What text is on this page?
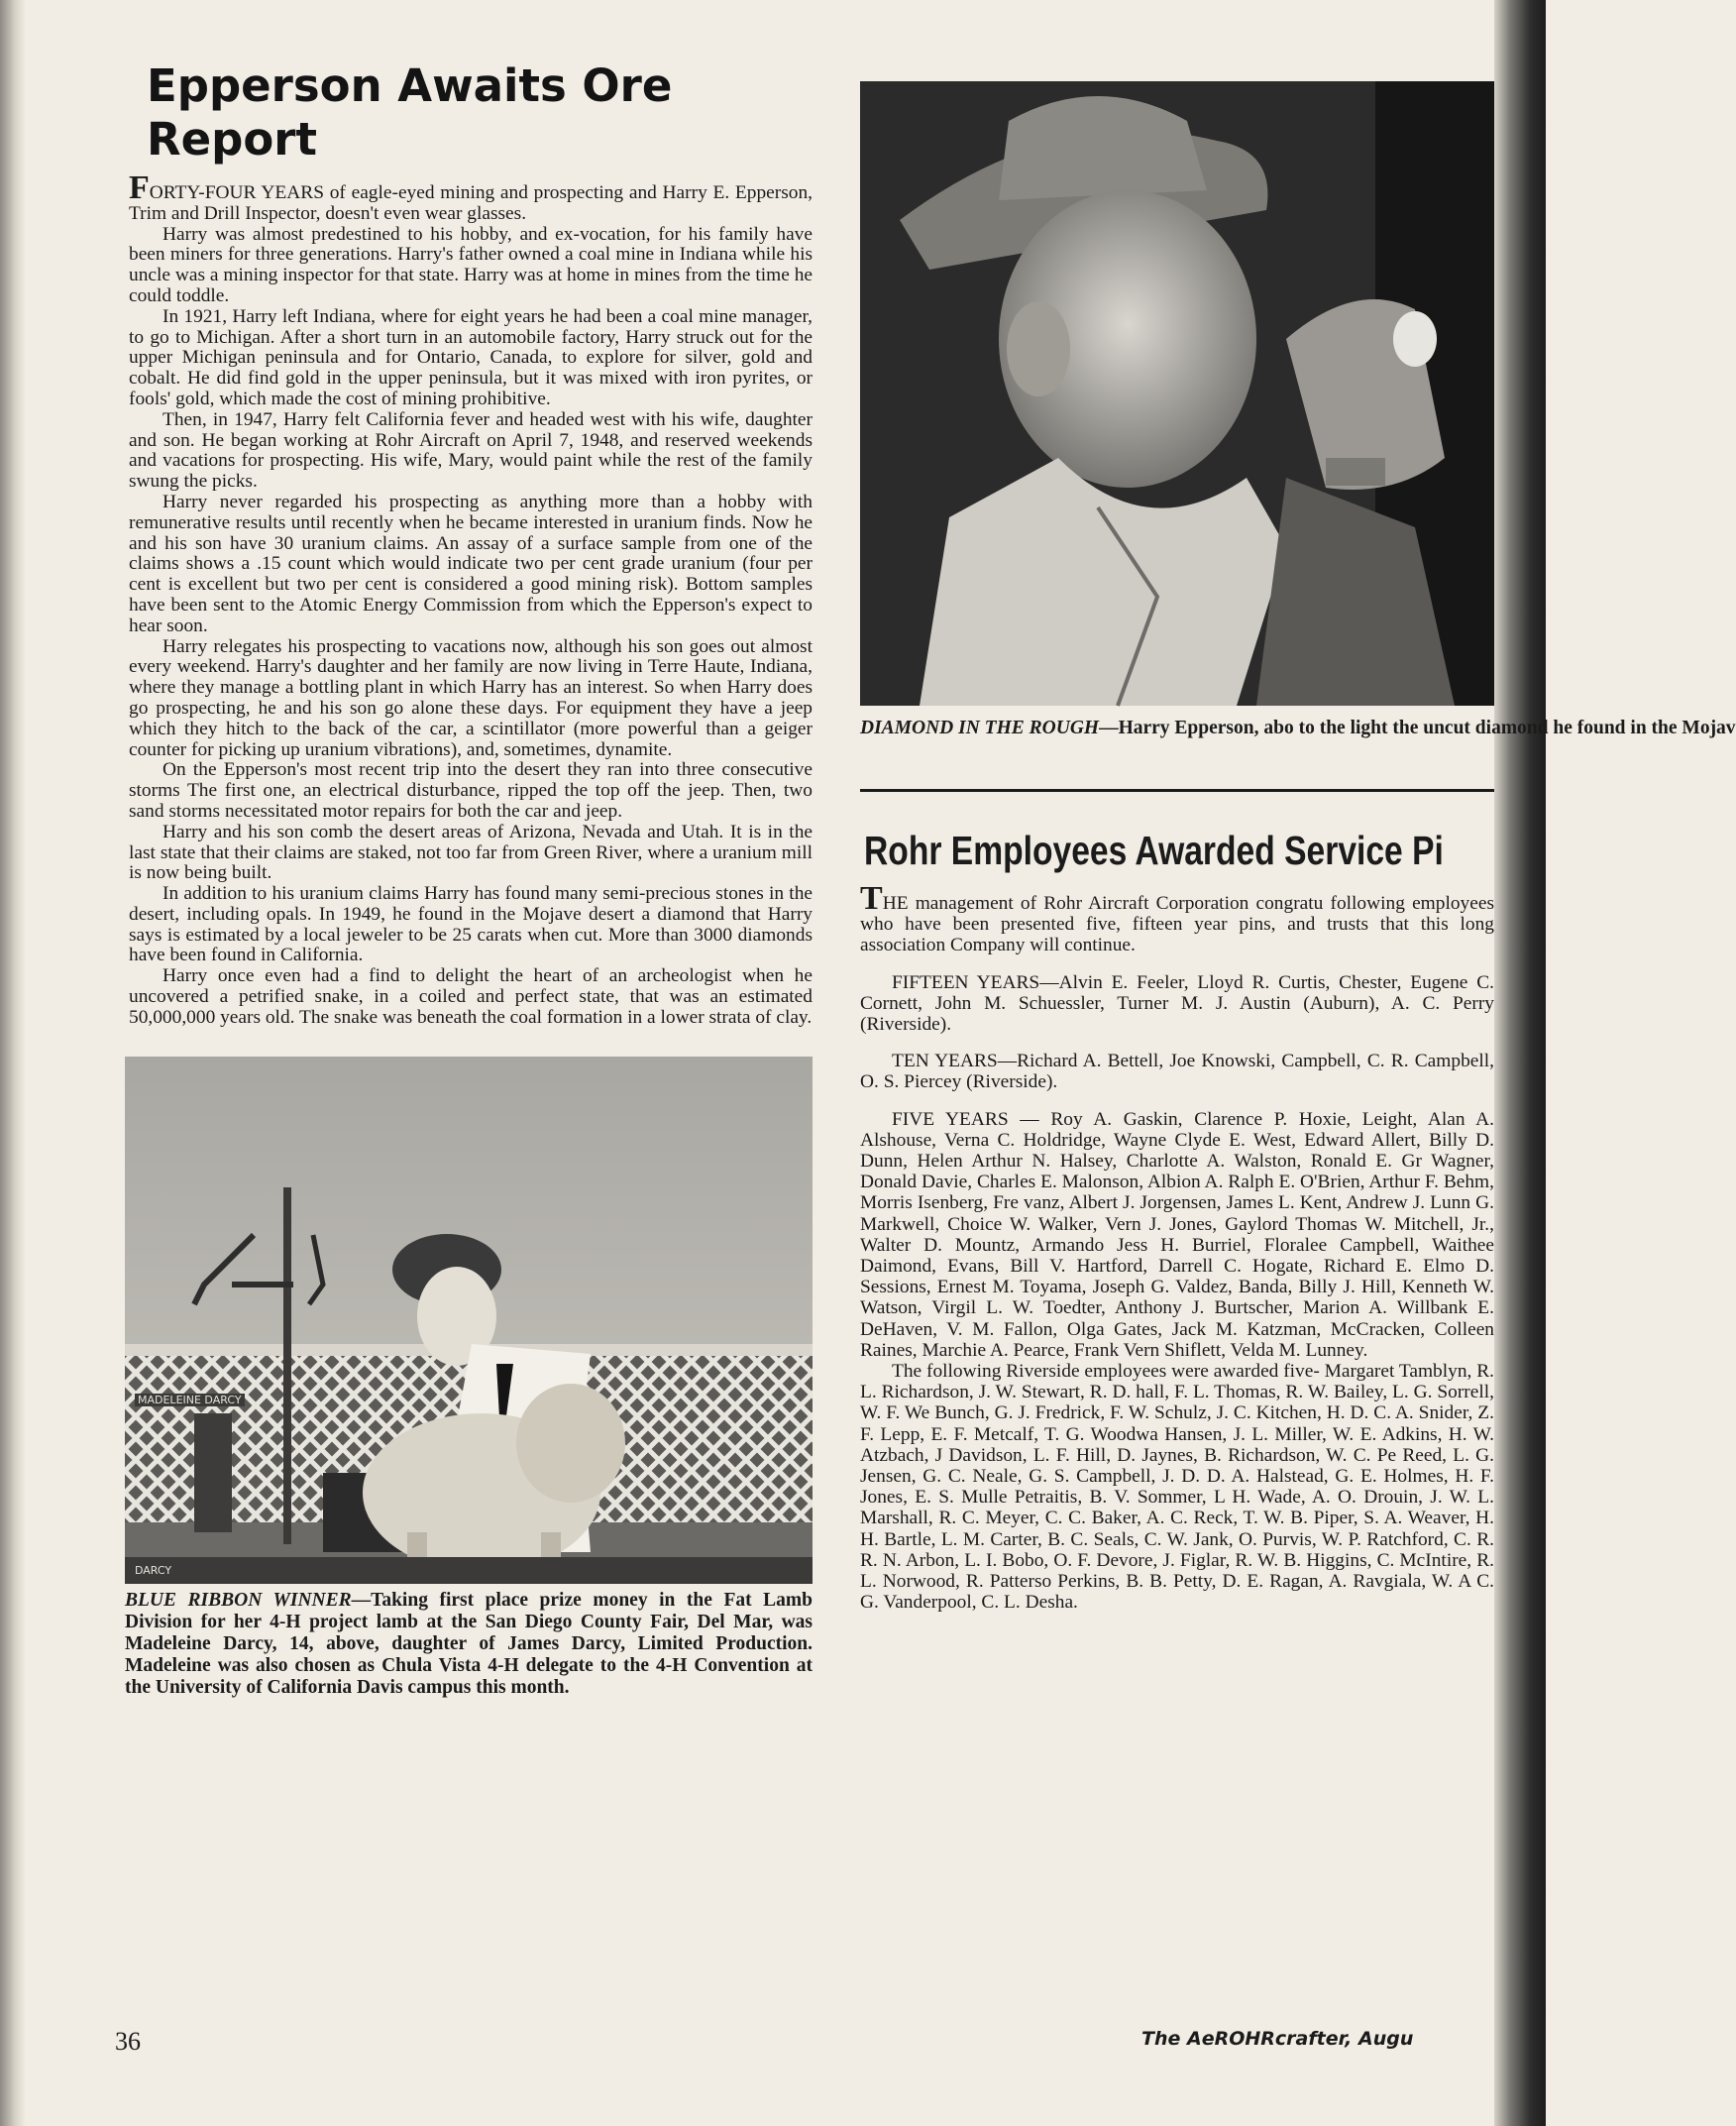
Epperson Awaits Ore Report

FORTY-FOUR YEARS of eagle-eyed mining and prospecting and Harry E. Epperson, Trim and Drill Inspector, doesn't even wear glasses.

Harry was almost predestined to his hobby, and ex-vocation, for his family have been miners for three generations. Harry's father owned a coal mine in Indiana while his uncle was a mining inspector for that state. Harry was at home in mines from the time he could toddle.

In 1921, Harry left Indiana, where for eight years he had been a coal mine manager, to go to Michigan. After a short turn in an automobile factory, Harry struck out for the upper Michigan peninsula and for Ontario, Canada, to explore for silver, gold and cobalt. He did find gold in the upper peninsula, but it was mixed with iron pyrites, or fools' gold, which made the cost of mining prohibitive.

Then, in 1947, Harry felt California fever and headed west with his wife, daughter and son. He began working at Rohr Aircraft on April 7, 1948, and reserved weekends and vacations for prospecting. His wife, Mary, would paint while the rest of the family swung the picks.

Harry never regarded his prospecting as anything more than a hobby with remunerative results until recently when he became interested in uranium finds. Now he and his son have 30 uranium claims. An assay of a surface sample from one of the claims shows a .15 count which would indicate two per cent grade uranium (four per cent is excellent but two per cent is considered a good mining risk). Bottom samples have been sent to the Atomic Energy Commission from which the Epperson's expect to hear soon.

Harry relegates his prospecting to vacations now, although his son goes out almost every weekend. Harry's daughter and her family are now living in Terre Haute, Indiana, where they manage a bottling plant in which Harry has an interest. So when Harry does go prospecting, he and his son go alone these days. For equipment they have a jeep which they hitch to the back of the car, a scintillator (more powerful than a geiger counter for picking up uranium vibrations), and, sometimes, dynamite.

On the Epperson's most recent trip into the desert they ran into three consecutive storms The first one, an electrical disturbance, ripped the top off the jeep. Then, two sand storms necessitated motor repairs for both the car and jeep.

Harry and his son comb the desert areas of Arizona, Nevada and Utah. It is in the last state that their claims are staked, not too far from Green River, where a uranium mill is now being built.

In addition to his uranium claims Harry has found many semi-precious stones in the desert, including opals. In 1949, he found in the Mojave desert a diamond that Harry says is estimated by a local jeweler to be 25 carats when cut. More than 3000 diamonds have been found in California.

Harry once even had a find to delight the heart of an archeologist when he uncovered a petrified snake, in a coiled and perfect state, that was an estimated 50,000,000 years old. The snake was beneath the coal formation in a lower strata of clay.

MADELEINE DARCY
DARCY

BLUE RIBBON WINNER—Taking first place prize money in the Fat Lamb Division for her 4-H project lamb at the San Diego County Fair, Del Mar, was Madeleine Darcy, 14, above, daughter of James Darcy, Limited Production. Madeleine was also chosen as Chula Vista 4-H delegate to the 4-H Convention at the University of California Davis campus this month.

DIAMOND IN THE ROUGH—Harry Epperson, abo to the light the uncut diamond he found in the Mojav

Rohr Employees Awarded Service Pi

THE management of Rohr Aircraft Corporation congratu following employees who have been presented five, fifteen year pins, and trusts that this long association Company will continue.

FIFTEEN YEARS—Alvin E. Feeler, Lloyd R. Curtis, Chester, Eugene C. Cornett, John M. Schuessler, Turner M. J. Austin (Auburn), A. C. Perry (Riverside).

TEN YEARS—Richard A. Bettell, Joe Knowski, Campbell, C. R. Campbell, O. S. Piercey (Riverside).

FIVE YEARS — Roy A. Gaskin, Clarence P. Hoxie, Leight, Alan A. Alshouse, Verna C. Holdridge, Wayne Clyde E. West, Edward Allert, Billy D. Dunn, Helen Arthur N. Halsey, Charlotte A. Walston, Ronald E. Gr Wagner, Donald Davie, Charles E. Malonson, Albion A. Ralph E. O'Brien, Arthur F. Behm, Morris Isenberg, Fre vanz, Albert J. Jorgensen, James L. Kent, Andrew J. Lunn G. Markwell, Choice W. Walker, Vern J. Jones, Gaylord Thomas W. Mitchell, Jr., Walter D. Mountz, Armando Jess H. Burriel, Floralee Campbell, Waithee Daimond, Evans, Bill V. Hartford, Darrell C. Hogate, Richard E. Elmo D. Sessions, Ernest M. Toyama, Joseph G. Valdez, Banda, Billy J. Hill, Kenneth W. Watson, Virgil L. W. Toedter, Anthony J. Burtscher, Marion A. Willbank E. DeHaven, V. M. Fallon, Olga Gates, Jack M. Katzman, McCracken, Colleen Raines, Marchie A. Pearce, Frank Vern Shiflett, Velda M. Lunney.

The following Riverside employees were awarded five- Margaret Tamblyn, R. L. Richardson, J. W. Stewart, R. D. hall, F. L. Thomas, R. W. Bailey, L. G. Sorrell, W. F. We Bunch, G. J. Fredrick, F. W. Schulz, J. C. Kitchen, H. D. C. A. Snider, Z. F. Lepp, E. F. Metcalf, T. G. Woodwa Hansen, J. L. Miller, W. E. Adkins, H. W. Atzbach, J Davidson, L. F. Hill, D. Jaynes, B. Richardson, W. C. Pe Reed, L. G. Jensen, G. C. Neale, G. S. Campbell, J. D. D. A. Halstead, G. E. Holmes, H. F. Jones, E. S. Mulle Petraitis, B. V. Sommer, L H. Wade, A. O. Drouin, J. W. L. Marshall, R. C. Meyer, C. C. Baker, A. C. Reck, T. W. B. Piper, S. A. Weaver, H. H. Bartle, L. M. Carter, B. C. Seals, C. W. Jank, O. Purvis, W. P. Ratchford, C. R. R. N. Arbon, L. I. Bobo, O. F. Devore, J. Figlar, R. W. B. Higgins, C. McIntire, R. L. Norwood, R. Patterso Perkins, B. B. Petty, D. E. Ragan, A. Ravgiala, W. A C. G. Vanderpool, C. L. Desha.

36	The AeROHRcrafter, Augu
